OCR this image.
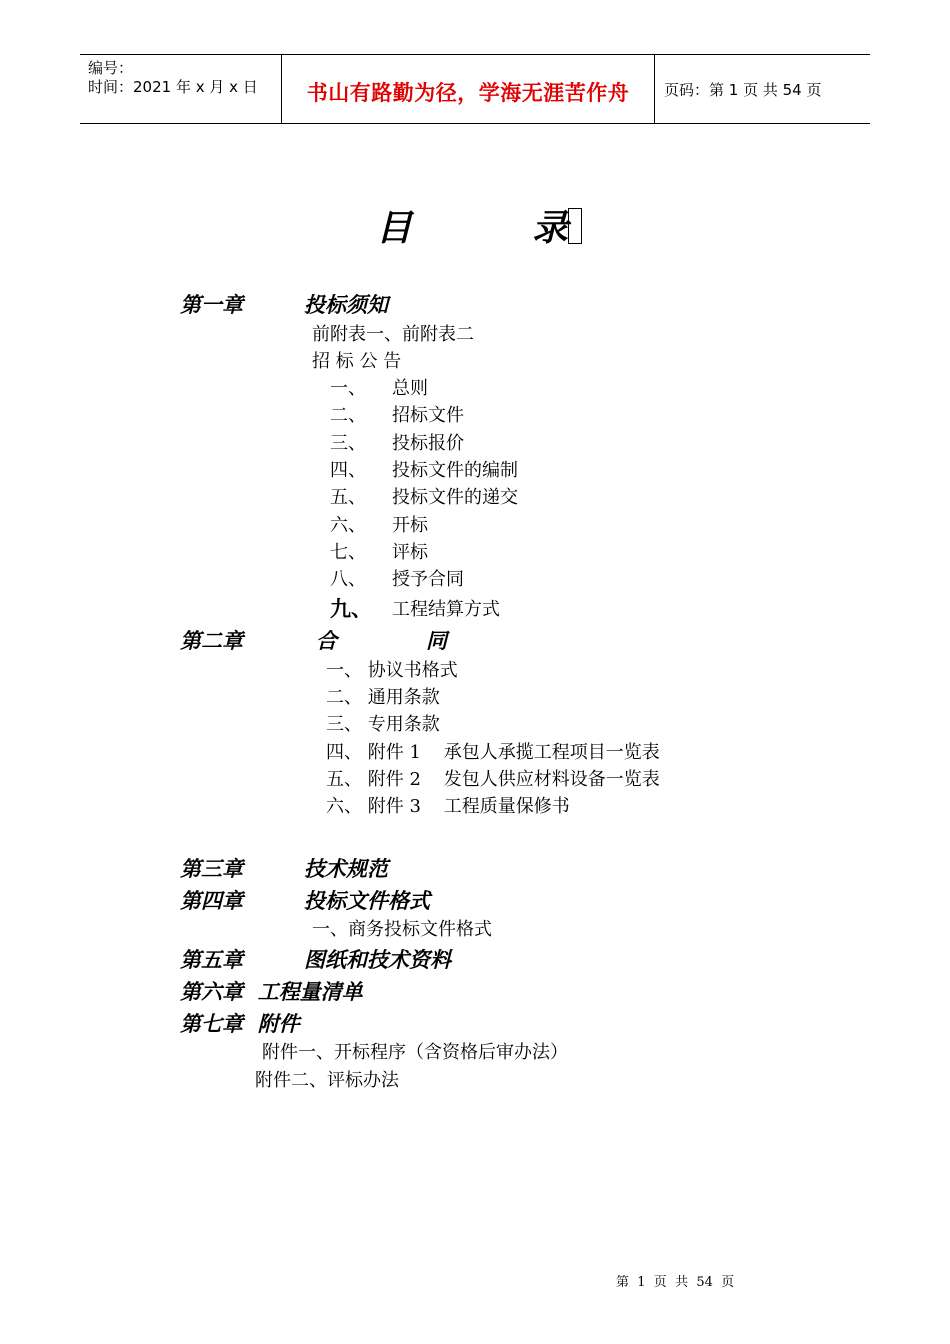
编号：
时间：2021 年 x 月 x 日	书山有路勤为径，学海无涯苦作舟	页码：第 1 页 共 54 页
目	录
第一章	投标须知
前附表一、前附表二
招 标 公 告
一、 总则
二、 招标文件
三、 投标报价
四、 投标文件的编制
五、 投标文件的递交
六、 开标
七、 评标
八、 授予合同
九、 工程结算方式
第二章	合	同
一、 协议书格式
二、 通用条款
三、 专用条款
四、 附件 1    承包人承揽工程项目一览表
五、 附件 2    发包人供应材料设备一览表
六、 附件 3    工程质量保修书
第三章	技术规范
第四章	投标文件格式
一、商务投标文件格式
第五章	图纸和技术资料
第六章  工程量清单
第七章  附件
附件一、开标程序（含资格后审办法）
附件二、评标办法
第  1  页  共  54  页
